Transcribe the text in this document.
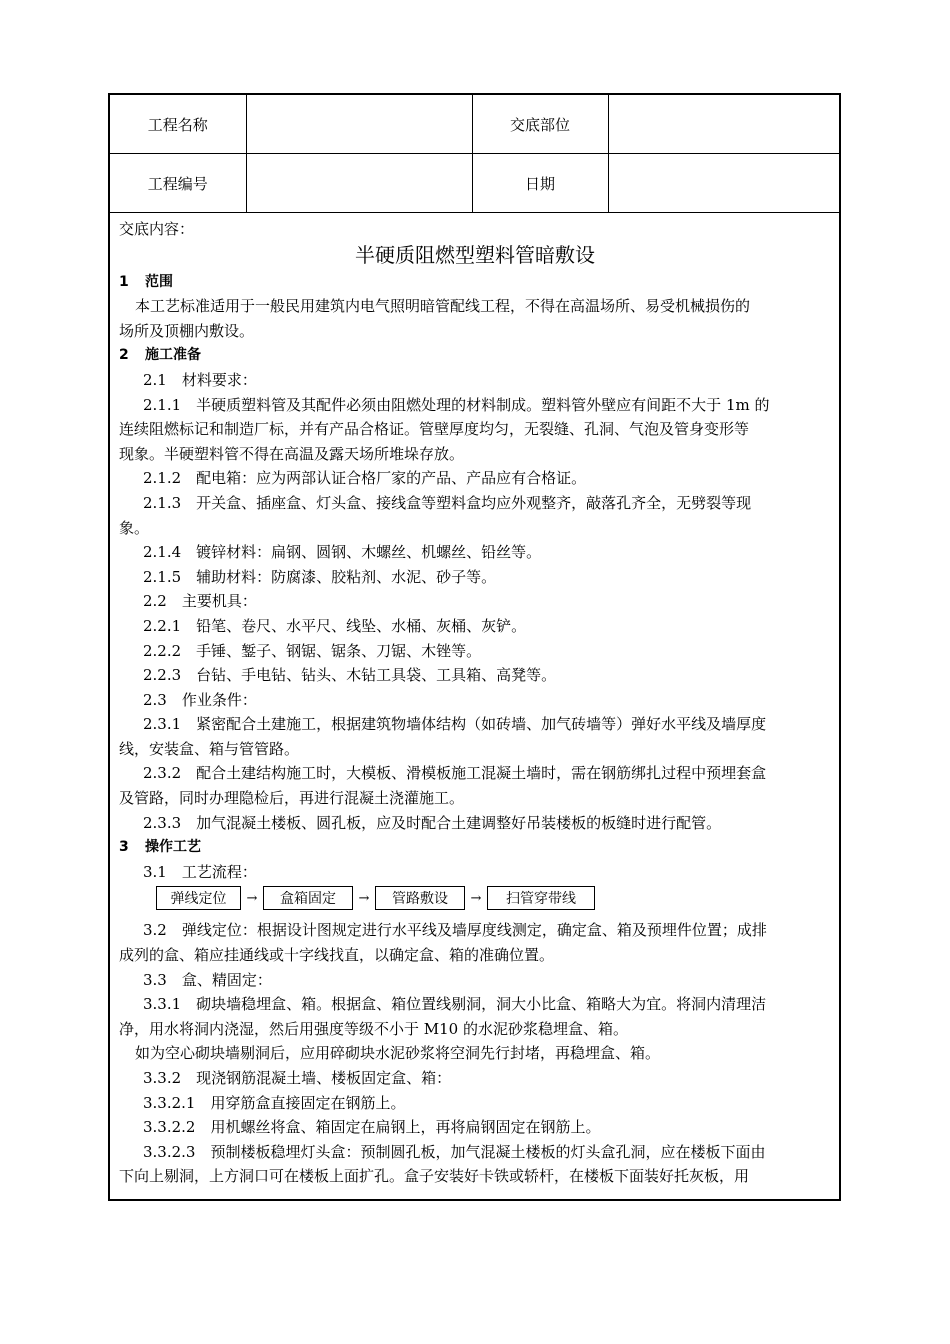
工程名称		交底部位	
工程编号		日期	
交底内容：
半硬质阻燃型塑料管暗敷设
1 范围
本工艺标准适用于一般民用建筑内电气照明暗管配线工程，不得在高温场所、易受机械损伤的
场所及顶棚内敷设。
2 施工准备
2.1　材料要求：
2.1.1　半硬质塑料管及其配件必须由阻燃处理的材料制成。塑料管外壁应有间距不大于 1m 的
连续阻燃标记和制造厂标，并有产品合格证。管壁厚度均匀，无裂缝、孔洞、气泡及管身变形等
现象。半硬塑料管不得在高温及露天场所堆垛存放。
2.1.2　配电箱：应为两部认证合格厂家的产品、产品应有合格证。
2.1.3　开关盒、插座盒、灯头盒、接线盒等塑料盒均应外观整齐，敲落孔齐全，无劈裂等现
象。
2.1.4　镀锌材料：扁钢、圆钢、木螺丝、机螺丝、铅丝等。
2.1.5　辅助材料：防腐漆、胶粘剂、水泥、砂子等。
2.2　主要机具：
2.2.1　铅笔、卷尺、水平尺、线坠、水桶、灰桶、灰铲。
2.2.2　手锤、錾子、钢锯、锯条、刀锯、木锉等。
2.2.3　台钻、手电钻、钻头、木钻工具袋、工具箱、高凳等。
2.3　作业条件：
2.3.1　紧密配合土建施工，根据建筑物墙体结构（如砖墙、加气砖墙等）弹好水平线及墙厚度
线，安装盒、箱与管管路。
2.3.2　配合土建结构施工时，大模板、滑模板施工混凝土墙时，需在钢筋绑扎过程中预埋套盒
及管路，同时办理隐检后，再进行混凝土浇灌施工。
2.3.3　加气混凝土楼板、圆孔板，应及时配合土建调整好吊装楼板的板缝时进行配管。
3 操作工艺
3.1　工艺流程：
弹线定位	→	盒箱固定	→	管路敷设	→	扫管穿带线
3.2　弹线定位：根据设计图规定进行水平线及墙厚度线测定，确定盒、箱及预埋件位置；成排
成列的盒、箱应挂通线或十字线找直，以确定盒、箱的准确位置。
3.3　盒、精固定：
3.3.1　砌块墙稳埋盒、箱。根据盒、箱位置线剔洞，洞大小比盒、箱略大为宜。将洞内清理洁
净，用水将洞内浇湿，然后用强度等级不小于 M10 的水泥砂浆稳埋盒、箱。
如为空心砌块墙剔洞后，应用碎砌块水泥砂浆将空洞先行封堵，再稳埋盒、箱。
3.3.2　现浇钢筋混凝土墙、楼板固定盒、箱：
3.3.2.1　用穿筋盒直接固定在钢筋上。
3.3.2.2　用机螺丝将盒、箱固定在扁钢上，再将扁钢固定在钢筋上。
3.3.2.3　预制楼板稳埋灯头盒：预制圆孔板，加气混凝土楼板的灯头盒孔洞，应在楼板下面由
下向上剔洞，上方洞口可在楼板上面扩孔。盒子安装好卡铁或轿杆，在楼板下面装好托灰板，用
